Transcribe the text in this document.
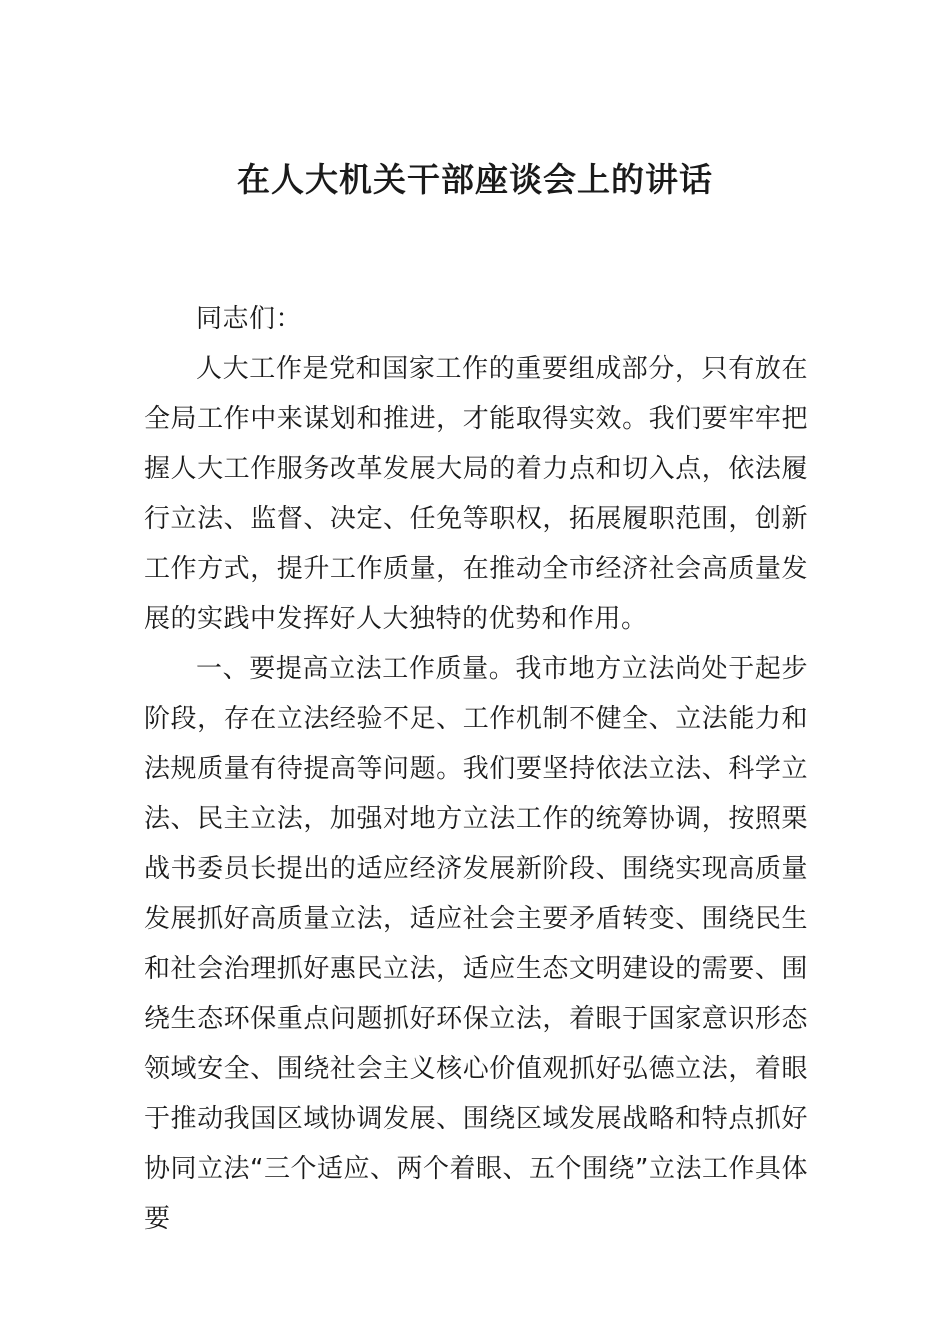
在人大机关干部座谈会上的讲话

同志们：

人大工作是党和国家工作的重要组成部分，只有放在全局工作中来谋划和推进，才能取得实效。我们要牢牢把握人大工作服务改革发展大局的着力点和切入点，依法履行立法、监督、决定、任免等职权，拓展履职范围，创新工作方式，提升工作质量，在推动全市经济社会高质量发展的实践中发挥好人大独特的优势和作用。

一、要提高立法工作质量。我市地方立法尚处于起步阶段，存在立法经验不足、工作机制不健全、立法能力和法规质量有待提高等问题。我们要坚持依法立法、科学立法、民主立法，加强对地方立法工作的统筹协调，按照栗战书委员长提出的适应经济发展新阶段、围绕实现高质量发展抓好高质量立法，适应社会主要矛盾转变、围绕民生和社会治理抓好惠民立法，适应生态文明建设的需要、围绕生态环保重点问题抓好环保立法，着眼于国家意识形态领域安全、围绕社会主义核心价值观抓好弘德立法，着眼于推动我国区域协调发展、围绕区域发展战略和特点抓好协同立法“三个适应、两个着眼、五个围绕”立法工作具体要
